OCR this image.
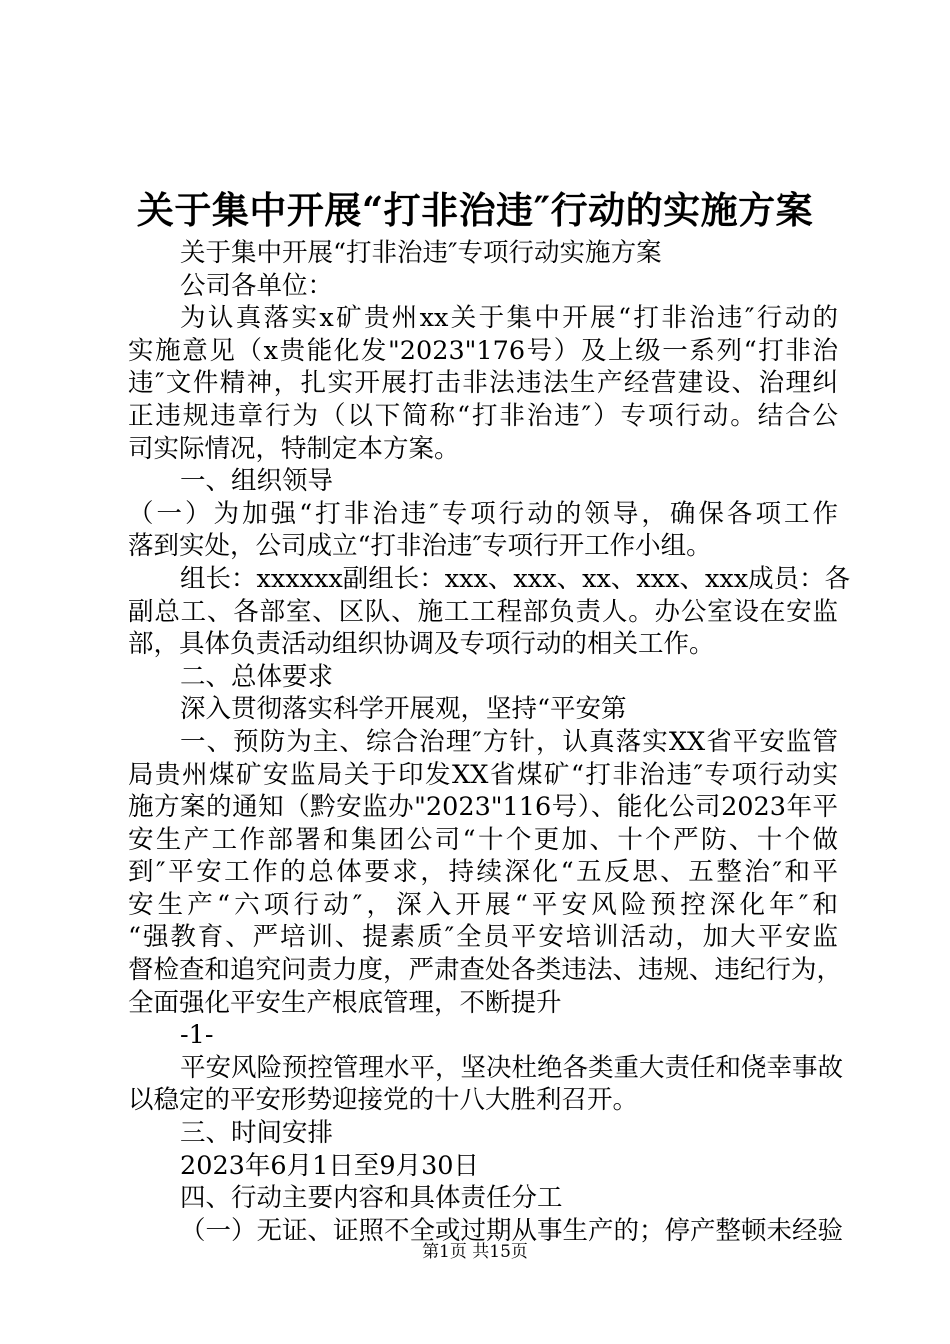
关于集中开展“打非治违″行动的实施方案
关于集中开展“打非治违″专项行动实施方案
公司各单位：
为认真落实x矿贵州xx关于集中开展“打非治违″行动的
实施意见（x贵能化发"2023"176号）及上级一系列“打非治
违″文件精神，扎实开展打击非法违法生产经营建设、治理纠
正违规违章行为（以下简称“打非治违″）专项行动。结合公
司实际情况，特制定本方案。
一、组织领导
（一）为加强“打非治违″专项行动的领导，确保各项工作
落到实处，公司成立“打非治违″专项行开工作小组。
组长：xxxxxx副组长：xxx、xxx、xx、xxx、xxx成员：各
副总工、各部室、区队、施工工程部负责人。办公室设在安监
部，具体负责活动组织协调及专项行动的相关工作。
二、总体要求
深入贯彻落实科学开展观，坚持“平安第
一、预防为主、综合治理″方针，认真落实XX省平安监管
局贵州煤矿安监局关于印发XX省煤矿“打非治违″专项行动实
施方案的通知（黔安监办"2023"116号）、能化公司2023年平
安生产工作部署和集团公司“十个更加、十个严防、十个做
到″平安工作的总体要求，持续深化“五反思、五整治″和平
安生产“六项行动″，深入开展“平安风险预控深化年″和
“强教育、严培训、提素质″全员平安培训活动，加大平安监
督检查和追究问责力度，严肃查处各类违法、违规、违纪行为，
全面强化平安生产根底管理，不断提升
-1-
平安风险预控管理水平，坚决杜绝各类重大责任和侥幸事故
以稳定的平安形势迎接党的十八大胜利召开。
三、时间安排
2023年6月1日至9月30日
四、行动主要内容和具体责任分工
（一）无证、证照不全或过期从事生产的；停产整顿未经验
第1页 共15页
